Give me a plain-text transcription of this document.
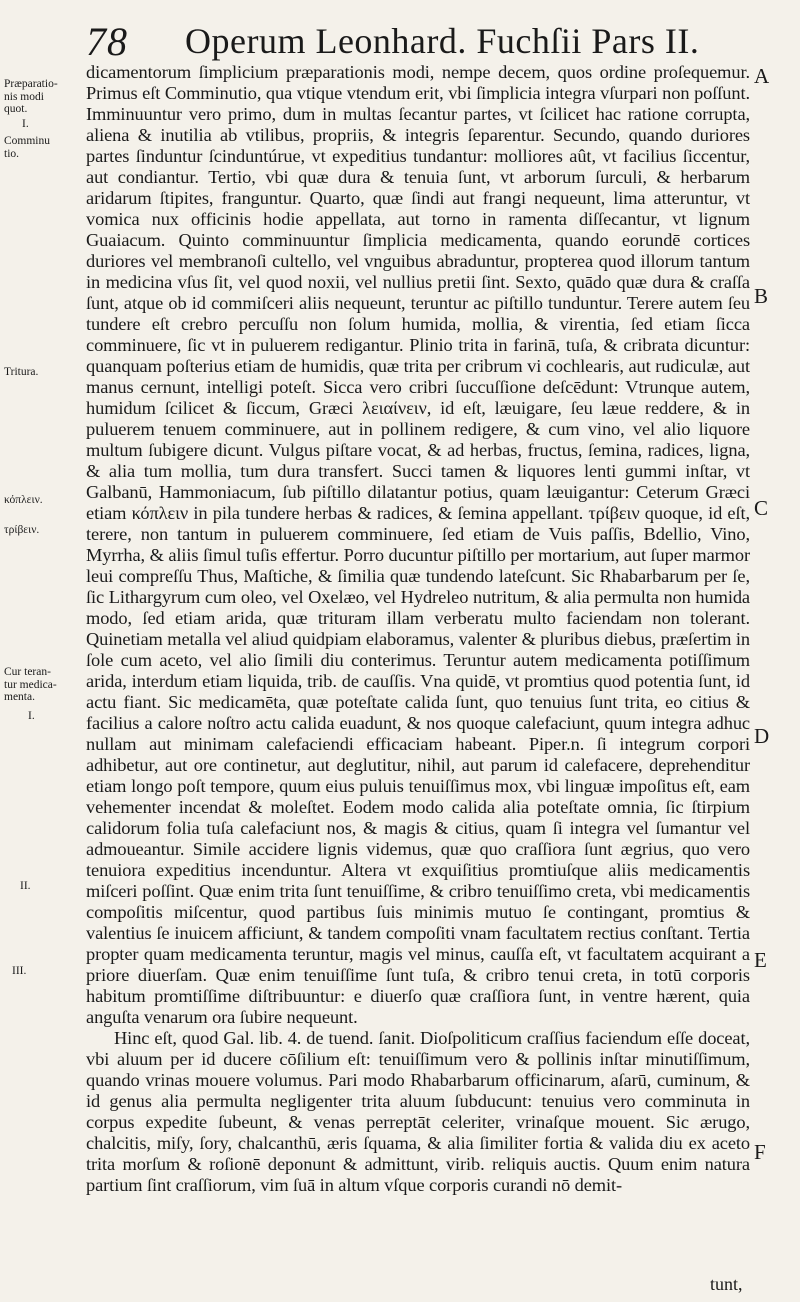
78 Operum Leonhard. Fuchſii Pars II.
Præparatio-
nis modi
quot.
I.
Comminu
tio.
Tritura.
κόπλειν.
τρίβειν.
Cur teran-
tur medica-
menta.
I.
II.
III.
A
B
C
D
E
F

dicamentorum ſimplicium præparationis modi, nempe decem, quos ordine proſequemur. Primus eſt Comminutio, qua vtique vtendum erit, vbi ſimplicia integra vſurpari non poſſunt. Imminuuntur vero primo, dum in multas ſecantur partes, vt ſcilicet hac ratione corrupta, aliena & inutilia ab vtilibus, propriis, & integris ſeparentur. Secundo, quando duriores partes ſinduntur ſcinduntúrue, vt expeditius tundantur: molliores aût, vt facilius ſiccentur, aut condiantur. Tertio, vbi quæ dura & tenuia ſunt, vt arborum ſurculi, & herbarum aridarum ſtipites, franguntur. Quarto, quæ ſindi aut frangi nequeunt, lima atteruntur, vt vomica nux officinis hodie appellata, aut torno in ramenta diſſecantur, vt lignum Guaiacum. Quinto comminuuntur ſimplicia medicamenta, quando eorundē cortices duriores vel membranoſi cultello, vel vnguibus abraduntur, propterea quod illorum tantum in medicina vſus ſit, vel quod noxii, vel nullius pretii ſint. Sexto, quādo quæ dura & craſſa ſunt, atque ob id commiſceri aliis nequeunt, teruntur ac piſtillo tunduntur. Terere autem ſeu tundere eſt crebro percuſſu non ſolum humida, mollia, & virentia, ſed etiam ſicca comminuere, ſic vt in puluerem redigantur. Plinio trita in farinā, tuſa, & cribrata dicuntur: quanquam poſterius etiam de humidis, quæ trita per cribrum vi cochlearis, aut rudiculæ, aut manus cernunt, intelligi poteſt. Sicca vero cribri ſuccuſſione deſcēdunt: Vtrunque autem, humidum ſcilicet & ſiccum, Græci λειαίνειν, id eſt, læuigare, ſeu læue reddere, & in puluerem tenuem comminuere, aut in pollinem redigere, & cum vino, vel alio liquore multum ſubigere dicunt. Vulgus piſtare vocat, & ad herbas, fructus, ſemina, radices, ligna, & alia tum mollia, tum dura transfert. Succi tamen & liquores lenti gummi inſtar, vt Galbanū, Hammoniacum, ſub piſtillo dilatantur potius, quam læuigantur: Ceterum Græci etiam κόπλειν in pila tundere herbas & radices, & ſemina appellant. τρίβειν quoque, id eſt, terere, non tantum in puluerem comminuere, ſed etiam de Vuis paſſis, Bdellio, Vino, Myrrha, & aliis ſimul tuſis effertur. Porro ducuntur piſtillo per mortarium, aut ſuper marmor leui compreſſu Thus, Maſtiche, & ſimilia quæ tundendo lateſcunt. Sic Rhabarbarum per ſe, ſic Lithargyrum cum oleo, vel Oxelæo, vel Hydreleo nutritum, & alia permulta non humida modo, ſed etiam arida, quæ trituram illam verberatu multo faciendam non tolerant. Quinetiam metalla vel aliud quidpiam elaboramus, valenter & pluribus diebus, præſertim in ſole cum aceto, vel alio ſimili diu conterimus. Teruntur autem medicamenta potiſſimum arida, interdum etiam liquida, trib. de cauſſis. Vna quidē, vt promtius quod potentia ſunt, id actu fiant. Sic medicamēta, quæ poteſtate calida ſunt, quo tenuius ſunt trita, eo citius & facilius a calore noſtro actu calida euadunt, & nos quoque calefaciunt, quum integra adhuc nullam aut minimam calefaciendi efficaciam habeant. Piper.n. ſi integrum corpori adhibetur, aut ore continetur, aut deglutitur, nihil, aut parum id calefacere, deprehenditur etiam longo poſt tempore, quum eius puluis tenuiſſimus mox, vbi linguæ impoſitus eſt, eam vehementer incendat & moleſtet. Eodem modo calida alia poteſtate omnia, ſic ſtirpium calidorum folia tuſa calefaciunt nos, & magis & citius, quam ſi integra vel ſumantur vel admoueantur. Simile accidere lignis videmus, quæ quo craſſiora ſunt ægrius, quo vero tenuiora expeditius incenduntur. Altera vt exquiſitius promtiuſque aliis medicamentis miſceri poſſint. Quæ enim trita ſunt tenuiſſime, & cribro tenuiſſimo creta, vbi medicamentis compoſitis miſcentur, quod partibus ſuis minimis mutuo ſe contingant, promtius & valentius ſe inuicem afficiunt, & tandem compoſiti vnam facultatem rectius conſtant. Tertia propter quam medicamenta teruntur, magis vel minus, cauſſa eſt, vt facultatem acquirant a priore diuerſam. Quæ enim tenuiſſime ſunt tuſa, & cribro tenui creta, in totū corporis habitum promtiſſime diſtribuuntur: e diuerſo quæ craſſiora ſunt, in ventre hærent, quia anguſta venarum ora ſubire nequeunt.

Hinc eſt, quod Gal. lib. 4. de tuend. ſanit. Dioſpoliticum craſſius faciendum eſſe doceat, vbi aluum per id ducere cōſilium eſt: tenuiſſimum vero & pollinis inſtar minutiſſimum, quando vrinas mouere volumus. Pari modo Rhabarbarum officinarum, aſarū, cuminum, & id genus alia permulta negligenter trita aluum ſubducunt: tenuius vero comminuta in corpus expedite ſubeunt, & venas perreptāt celeriter, vrinaſque mouent. Sic ærugo, chalcitis, miſy, ſory, chalcanthū, æris ſquama, & alia ſimiliter fortia & valida diu ex aceto trita morſum & roſionē deponunt & admittunt, virib. reliquis auctis. Quum enim natura partium ſint craſſiorum, vim ſuā in altum vſque corporis curandi nō demit-

tunt,
